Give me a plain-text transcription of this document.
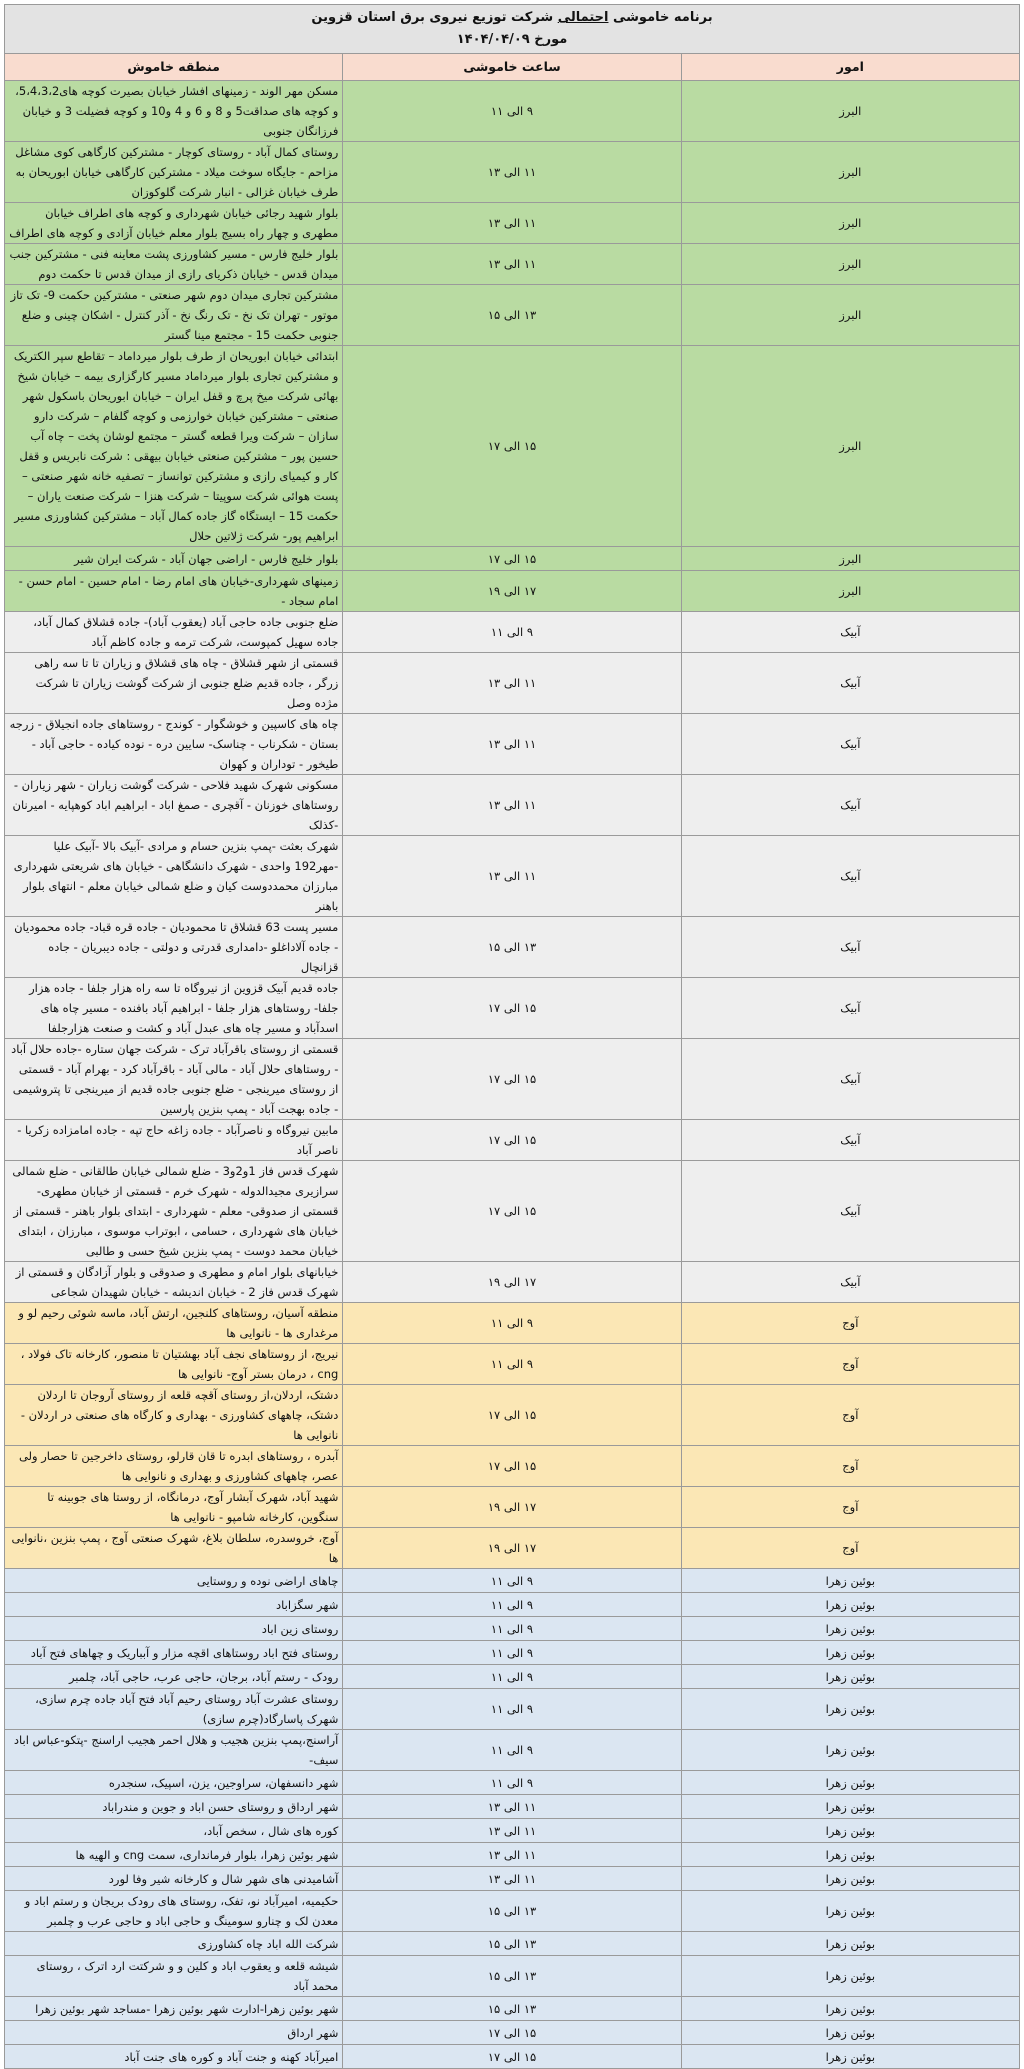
برنامه خاموشی احتمالی شرکت توزیع نیروی برق استان قزوین
مورخ ۱۴۰۴/۰۴/۰۹		

امور	ساعت خاموشی	منطقه خاموش
البرز	۹ الی ۱۱	مسکن مهر الوند - زمینهای افشار خیابان بصیرت کوچه های5،4،3،2، و کوچه های صداقت5 و 8 و 6 و 4 و10 و کوچه فضیلت 3 و خیابان فرزانگان جنوبی
البرز	۱۱ الی ۱۳	روستای کمال آباد - روستای کوچار - مشترکین کارگاهی کوی مشاغل مزاحم - جایگاه سوخت میلاد - مشترکین کارگاهی خیابان ابوریحان به طرف خیابان غزالی - انبار شرکت گلوکوزان
البرز	۱۱ الی ۱۳	بلوار شهید رجائی خیابان شهرداری و کوچه های اطراف خیابان مطهری و چهار راه بسیج بلوار معلم خیابان آزادی و کوچه های اطراف
البرز	۱۱ الی ۱۳	بلوار خلیج فارس - مسیر کشاورزی پشت معاینه فنی - مشترکین جنب میدان قدس - خیابان ذکریای رازی از میدان قدس تا حکمت دوم
البرز	۱۳ الی ۱۵	مشترکین تجاری میدان دوم شهر صنعتی - مشترکین حکمت 9- تک تاز موتور - تهران تک نخ - تک رنگ نخ - آذر کنترل - اشکان چینی و ضلع جنوبی حکمت 15 - مجتمع مینا گستر
البرز	۱۵ الی ۱۷	ابتدائی خیابان ابوریحان از طرف بلوار میرداماد – تقاطع سپر الکتریک و مشترکین تجاری بلوار میرداماد مسیر کارگزاری بیمه – خیابان شیخ بهائی شرکت میخ پرچ و قفل ایران – خیابان ابوریحان باسکول شهر صنعتی – مشترکین خیابان خوارزمی و کوچه گلفام – شرکت دارو سازان – شرکت ویرا قطعه گستر – مجتمع لوشان پخت – چاه آب حسین پور – مشترکین صنعتی خیابان بیهقی : شرکت نابریس و قفل کار و کیمیای رازی و مشترکین توانساز – تصفیه خانه شهر صنعتی – پست هوائی شرکت سوپیتا – شرکت هنزا – شرکت صنعت یاران – حکمت 15 – ایستگاه گاز جاده کمال آباد – مشترکین کشاورزی مسیر ابراهیم پور- شرکت ژلاتین حلال
البرز	۱۵ الی ۱۷	بلوار خلیج فارس - اراضی جهان آباد - شرکت ایران شیر
البرز	۱۷ الی ۱۹	زمینهای شهرداری-خیابان های امام رضا - امام حسین - امام حسن - امام سجاد -
آبیک	۹ الی ۱۱	ضلع جنوبی جاده حاجی آباد (یعقوب آباد)- جاده قشلاق کمال آباد، جاده سهیل کمپوست، شرکت ترمه و جاده کاظم آباد
آبیک	۱۱ الی ۱۳	قسمتی از شهر قشلاق - چاه های قشلاق و زیاران تا تا سه راهی زرگر ، جاده قدیم ضلع جنوبی از شرکت گوشت زیاران تا شرکت مژده وصل
آبیک	۱۱ الی ۱۳	چاه های کاسپین و خوشگوار - کوندج - روستاهای جاده انجیلاق - زرجه بستان - شکرناب - چناسک- سایین دره - نوده کیاده - حاجی آباد - طیخور - توداران و کهوان
آبیک	۱۱ الی ۱۳	مسکونی شهرک شهید فلاحی - شرکت گوشت زیاران - شهر زیاران - روستاهای خوزنان - آقچری - صمغ اباد - ابراهیم اباد کوهپایه - امیرنان -کذلک
آبیک	۱۱ الی ۱۳	شهرک بعثت -پمپ بنزین حسام و مرادی -آبیک بالا -آبیک علیا -مهر192 واحدی - شهرک دانشگاهی - خیابان های شریعتی شهرداری مبارزان محمددوست کیان و ضلع شمالی خیابان معلم - انتهای بلوار باهنر
آبیک	۱۳ الی ۱۵	مسیر پست 63 قشلاق تا محمودیان - جاده قره قباد- جاده محمودیان - جاده آلاداغلو -دامداری قدرتی و دولتی - جاده دیبریان - جاده قزانچال
آبیک	۱۵ الی ۱۷	جاده قدیم آبیک قزوین از نیروگاه تا سه راه هزار جلفا - جاده هزار جلفا- روستاهای هزار جلفا - ابراهیم آباد بافنده - مسیر چاه های اسدآباد و مسیر چاه های عبدل آباد و کشت و صنعت هزارجلفا
آبیک	۱۵ الی ۱۷	قسمتی از روستای باقرآباد ترک - شرکت جهان ستاره -جاده حلال آباد - روستاهای حلال آباد - مالی آباد - باقرآباد کرد - بهرام آباد - قسمتی از روستای میرینجی - ضلع جنوبی جاده قدیم از میرینجی تا پتروشیمی - جاده بهجت آباد - پمپ بنزین پارسین
آبیک	۱۵ الی ۱۷	مابین نیروگاه و ناصرآباد - جاده زاغه حاج تپه - جاده امامزاده زکریا - ناصر آباد
آبیک	۱۵ الی ۱۷	شهرک قدس فاز 1و2و3 - ضلع شمالی خیابان طالقانی - ضلع شمالی سرازیری مجیدالدوله - شهرک خرم - قسمتی از خیابان مطهری- قسمتی از صدوقی- معلم - شهرداری - ابتدای بلوار باهنر - قسمتی از خیابان های شهرداری ، حسامی ، ابوتراب موسوی ، مبارزان ، ابتدای خیابان محمد دوست - پمپ بنزین شیخ حسی و طالبی
آبیک	۱۷ الی ۱۹	خیابانهای بلوار امام و مطهری و صدوقی و بلوار آزادگان و قسمتی از شهرک قدس فاز 2 - خیابان اندیشه - خیابان شهیدان شجاعی
آوج	۹ الی ۱۱	منطقه آسیان، روستاهای کلنجین، ارتش آباد، ماسه شوئی رحیم لو و مرغداری ها - نانوایی ها
آوج	۹ الی ۱۱	نیریج، از روستاهای نجف آباد بهشتیان تا منصور، کارخانه تاک فولاد ، cng ، درمان بستر آوج- نانوایی ها
آوج	۱۵ الی ۱۷	دشتک، اردلان،از روستای آقچه قلعه از روستای آروجان تا اردلان دشتک، چاههای کشاورزی - بهداری و کارگاه های صنعتی در اردلان - نانوایی ها
آوج	۱۵ الی ۱۷	آبدره ، روستاهای ابدره تا قان قارلو، روستای داخرجین تا حصار ولی عصر، چاههای کشاورزی و بهداری و نانوایی ها
آوج	۱۷ الی ۱۹	شهید آباد، شهرک آبشار آوج، درمانگاه، از روستا های جوبینه تا سنگوین، کارخانه شامپو - نانوایی ها
آوج	۱۷ الی ۱۹	آوج، خروسدره، سلطان بلاغ، شهرک صنعتی آوج ، پمپ بنزین ،نانوایی ها
بوئین زهرا	۹ الی ۱۱	چاهای اراضی نوده و روستایی
بوئین زهرا	۹ الی ۱۱	شهر سگزاباد
بوئین زهرا	۹ الی ۱۱	روستای زین اباد
بوئین زهرا	۹ الی ۱۱	روستای فتح اباد روستاهای اقچه مزار و آبباریک و چهاهای فتح آباد
بوئین زهرا	۹ الی ۱۱	رودک - رستم آباد، برجان، حاجی عرب، حاجی آباد، چلمبر
بوئین زهرا	۹ الی ۱۱	روستای عشرت آباد روستای رحیم آباد فتح آباد جاده چرم سازی، شهرک پاسارگاد(چرم سازی)
بوئین زهرا	۹ الی ۱۱	آراسنج،پمپ بنزین هجیب و هلال احمر هجیب اراسنج -پتکو-عباس اباد سیف-
بوئین زهرا	۹ الی ۱۱	شهر دانسفهان، سراوجین، یزن، اسپیک، سنجدره
بوئین زهرا	۱۱ الی ۱۳	شهر ارداق و روستای حسن اباد و جوین و مندراباد
بوئین زهرا	۱۱ الی ۱۳	کوره های شال ، سخص آباد،
بوئین زهرا	۱۱ الی ۱۳	شهر بوئین زهرا، بلوار فرمانداری، سمت cng و الهیه ها
بوئین زهرا	۱۱ الی ۱۳	آشامیدنی های شهر شال و کارخانه شیر وفا لورد
بوئین زهرا	۱۳ الی ۱۵	حکیمیه، امیرآباد نو، تفک، روستای های رودک بریجان و رستم اباد و معدن لک و چنارو سومینگ و حاجی اباد و حاجی عرب و چلمبر
بوئین زهرا	۱۳ الی ۱۵	شرکت الله اباد چاه کشاورزی
بوئین زهرا	۱۳ الی ۱۵	شیشه قلعه و یعقوب اباد و کلین و و شرکتت ارد اترک ، روستای محمد آباد
بوئین زهرا	۱۳ الی ۱۵	شهر بوئین زهرا-ادارت شهر بوئین زهرا -مساجد شهر بوئین زهرا
بوئین زهرا	۱۵ الی ۱۷	شهر ارداق
بوئین زهرا	۱۵ الی ۱۷	امیرآباد کهنه و جنت آباد و کوره های جنت آباد
